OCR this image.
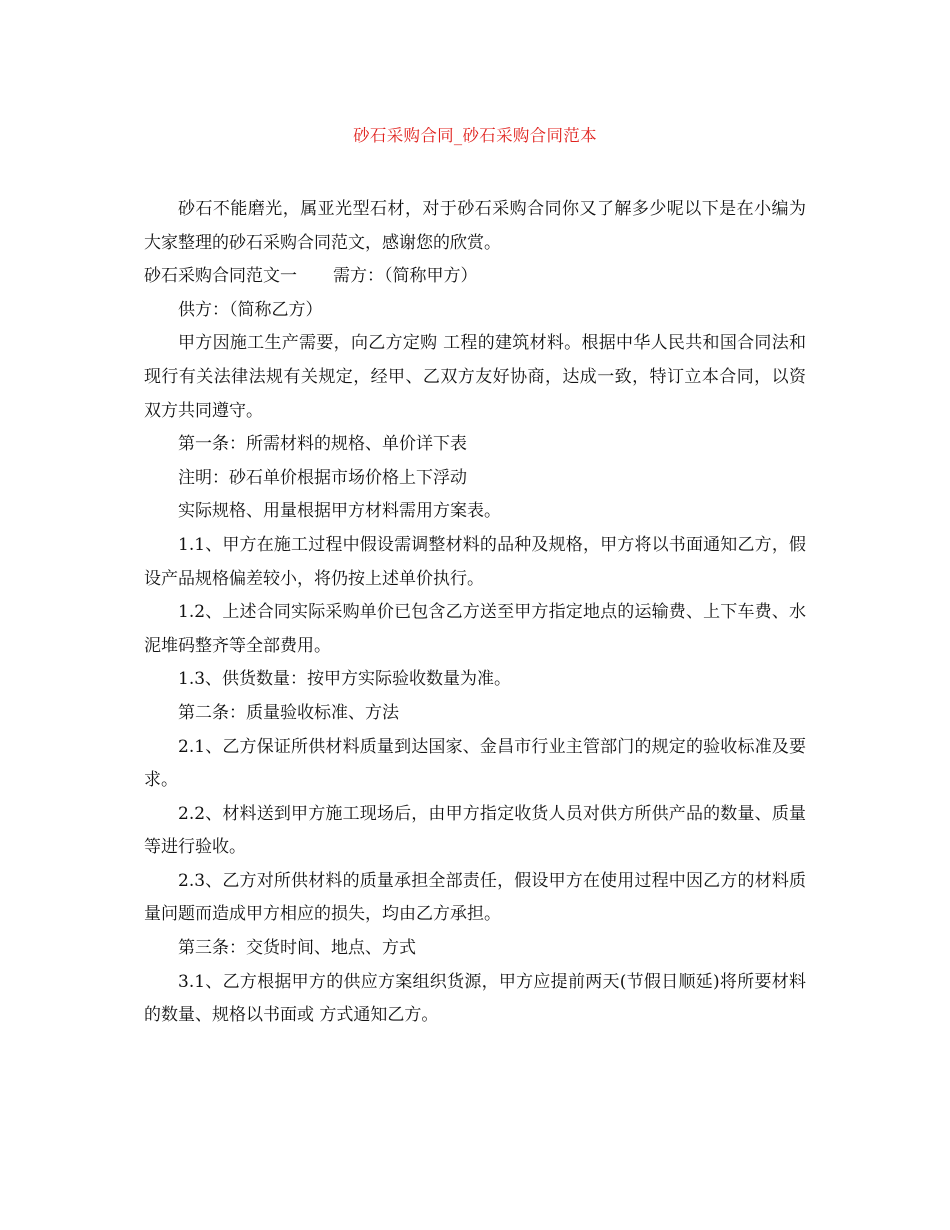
砂石采购合同_砂石采购合同范本

砂石不能磨光，属亚光型石材，对于砂石采购合同你又了解多少呢以下是在小编为大家整理的砂石采购合同范文，感谢您的欣赏。

砂石采购合同范文一 需方：（简称甲方）

供方：（简称乙方）

甲方因施工生产需要，向乙方定购 工程的建筑材料。根据中华人民共和国合同法和现行有关法律法规有关规定，经甲、乙双方友好协商，达成一致，特订立本合同，以资双方共同遵守。

第一条：所需材料的规格、单价详下表

注明：砂石单价根据市场价格上下浮动

实际规格、用量根据甲方材料需用方案表。

1.1、甲方在施工过程中假设需调整材料的品种及规格，甲方将以书面通知乙方，假设产品规格偏差较小，将仍按上述单价执行。

1.2、上述合同实际采购单价已包含乙方送至甲方指定地点的运输费、上下车费、水泥堆码整齐等全部费用。

1.3、供货数量：按甲方实际验收数量为准。

第二条：质量验收标准、方法

2.1、乙方保证所供材料质量到达国家、金昌市行业主管部门的规定的验收标准及要求。

2.2、材料送到甲方施工现场后，由甲方指定收货人员对供方所供产品的数量、质量等进行验收。

2.3、乙方对所供材料的质量承担全部责任，假设甲方在使用过程中因乙方的材料质量问题而造成甲方相应的损失，均由乙方承担。

第三条：交货时间、地点、方式

3.1、乙方根据甲方的供应方案组织货源，甲方应提前两天(节假日顺延)将所要材料的数量、规格以书面或 方式通知乙方。
